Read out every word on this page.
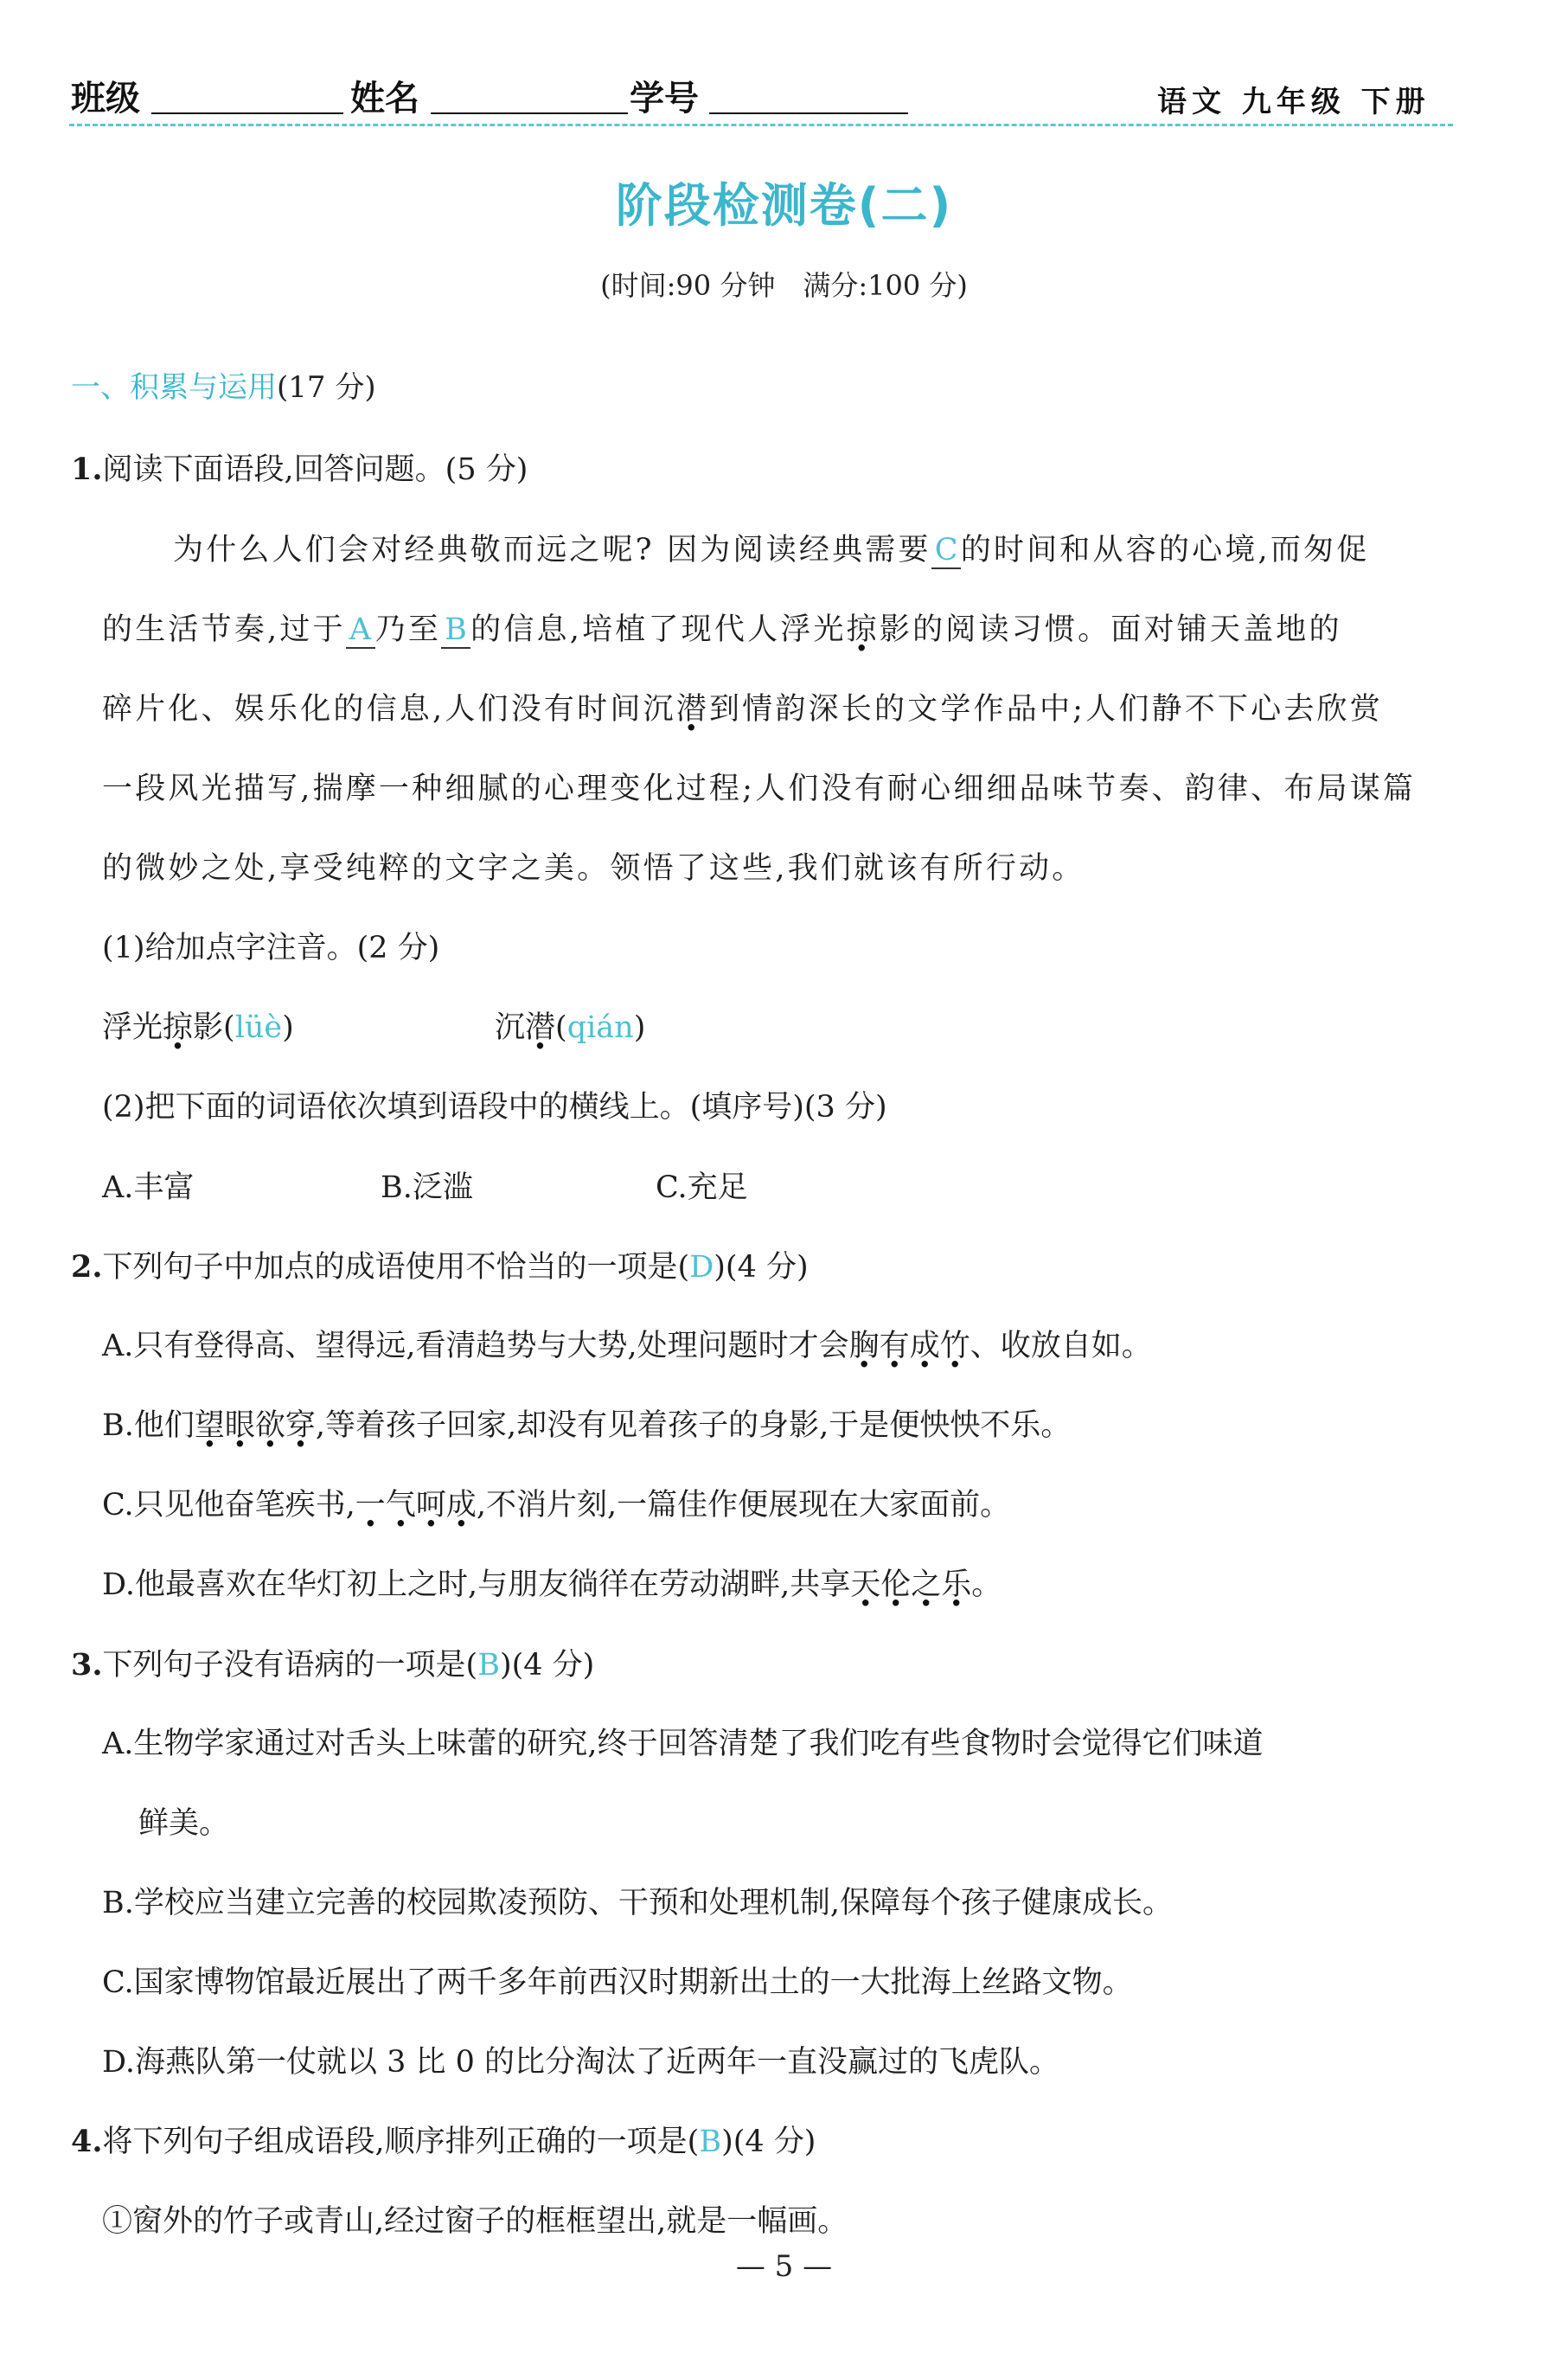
班级	姓名	学号	语文 九年级 下册
阶段检测卷(二)
(时间:90 分钟　满分:100 分)
一、积累与运用(17 分)
1.阅读下面语段,回答问题。(5 分)
为什么人们会对经典敬而远之呢? 因为阅读经典需要 C的时间和从容的心境,而匆促
的生活节奏,过于 A乃至 B的信息,培植了现代人浮光掠影的阅读习惯。面对铺天盖地的
碎片化、娱乐化的信息,人们没有时间沉潜到情韵深长的文学作品中;人们静不下心去欣赏
一段风光描写,揣摩一种细腻的心理变化过程;人们没有耐心细细品味节奏、韵律、布局谋篇
的微妙之处,享受纯粹的文字之美。领悟了这些,我们就该有所行动。
(1)给加点字注音。(2 分)
浮光掠影(lüè)	沉潜(qián)
(2)把下面的词语依次填到语段中的横线上。(填序号)(3 分)
A.丰富	B.泛滥	C.充足
2.下列句子中加点的成语使用不恰当的一项是(D)(4 分)
A.只有登得高、望得远,看清趋势与大势,处理问题时才会胸有成竹、收放自如。
B.他们望眼欲穿,等着孩子回家,却没有见着孩子的身影,于是便怏怏不乐。
C.只见他奋笔疾书,一气呵成,不消片刻,一篇佳作便展现在大家面前。
D.他最喜欢在华灯初上之时,与朋友徜徉在劳动湖畔,共享天伦之乐。
3.下列句子没有语病的一项是(B)(4 分)
A.生物学家通过对舌头上味蕾的研究,终于回答清楚了我们吃有些食物时会觉得它们味道
鲜美。
B.学校应当建立完善的校园欺凌预防、干预和处理机制,保障每个孩子健康成长。
C.国家博物馆最近展出了两千多年前西汉时期新出土的一大批海上丝路文物。
D.海燕队第一仗就以 3 比 0 的比分淘汰了近两年一直没赢过的飞虎队。
4.将下列句子组成语段,顺序排列正确的一项是(B)(4 分)
①窗外的竹子或青山,经过窗子的框框望出,就是一幅画。
— 5 —
